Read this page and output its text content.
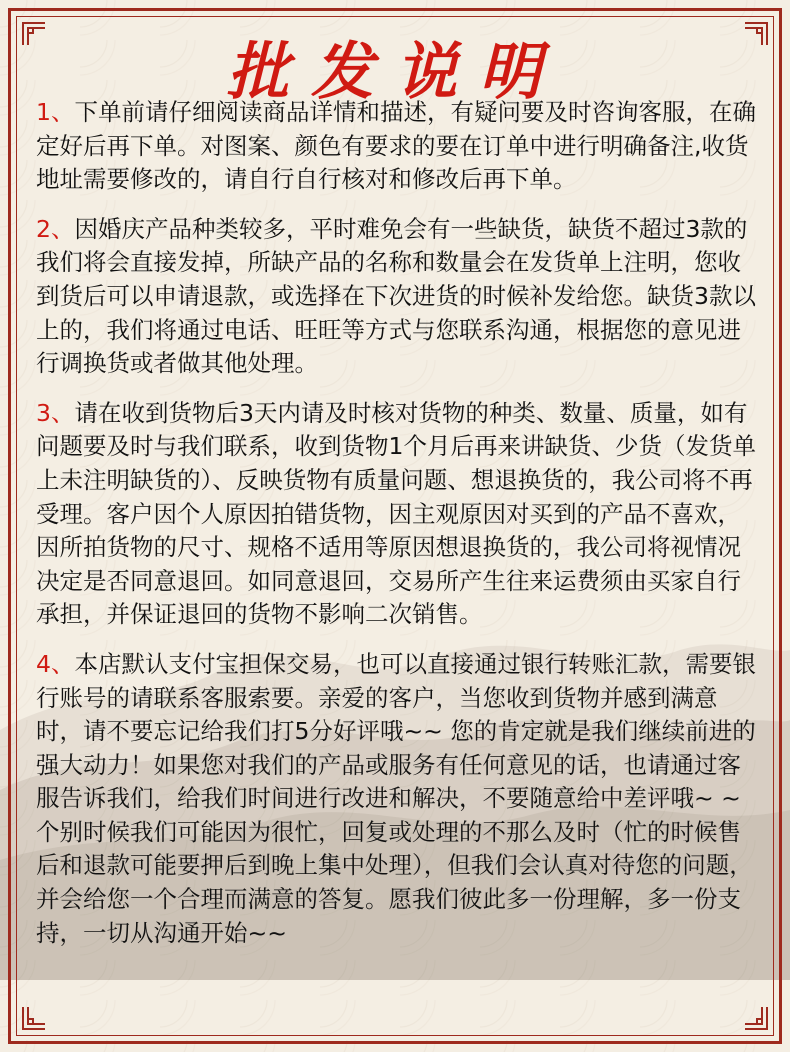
批发说明

1、下单前请仔细阅读商品详情和描述，有疑问要及时咨询客服，在确定好后再下单。对图案、颜色有要求的要在订单中进行明确备注,收货地址需要修改的，请自行自行核对和修改后再下单。

2、因婚庆产品种类较多，平时难免会有一些缺货，缺货不超过3款的我们将会直接发掉，所缺产品的名称和数量会在发货单上注明，您收到货后可以申请退款，或选择在下次进货的时候补发给您。缺货3款以上的，我们将通过电话、旺旺等方式与您联系沟通，根据您的意见进行调换货或者做其他处理。

3、请在收到货物后3天内请及时核对货物的种类、数量、质量，如有问题要及时与我们联系，收到货物1个月后再来讲缺货、少货（发货单上未注明缺货的）、反映货物有质量问题、想退换货的，我公司将不再受理。客户因个人原因拍错货物，因主观原因对买到的产品不喜欢，因所拍货物的尺寸、规格不适用等原因想退换货的，我公司将视情况决定是否同意退回。如同意退回，交易所产生往来运费须由买家自行承担，并保证退回的货物不影响二次销售。

4、本店默认支付宝担保交易，也可以直接通过银行转账汇款，需要银行账号的请联系客服索要。亲爱的客户，当您收到货物并感到满意时，请不要忘记给我们打5分好评哦~~ 您的肯定就是我们继续前进的强大动力！如果您对我们的产品或服务有任何意见的话，也请通过客服告诉我们，给我们时间进行改进和解决，不要随意给中差评哦~ ~个别时候我们可能因为很忙，回复或处理的不那么及时（忙的时候售后和退款可能要押后到晚上集中处理），但我们会认真对待您的问题，并会给您一个合理而满意的答复。愿我们彼此多一份理解，多一份支持，一切从沟通开始~~
